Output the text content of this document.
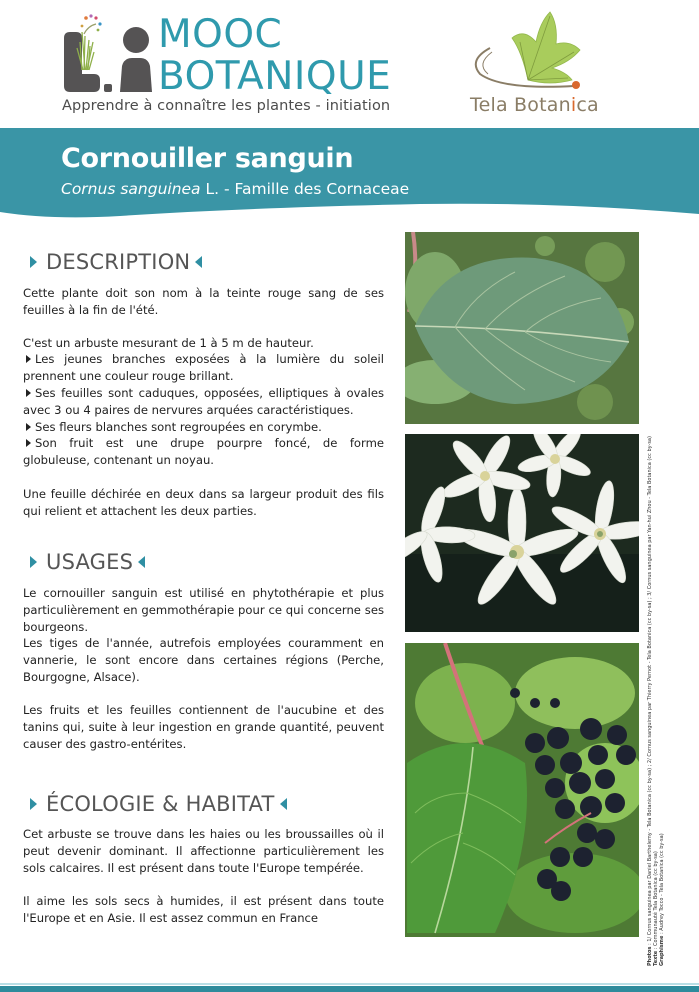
MOOC
BOTANIQUE
Apprendre à connaître les plantes - initiation	Tela Botanica
Cornouiller sanguin
Cornus sanguinea L. - Famille des Cornaceae
DESCRIPTION
Cette plante doit son nom à la teinte rouge sang de ses feuilles à la fin de l'été.
C'est un arbuste mesurant de 1 à 5 m de hauteur.
Les jeunes branches exposées à la lumière du soleil prennent une couleur rouge brillant.
Ses feuilles sont caduques, opposées, elliptiques à ovales avec 3 ou 4 paires de nervures arquées caractéristiques.
Ses fleurs blanches sont regroupées en corymbe.
Son fruit est une drupe pourpre foncé, de forme globuleuse, contenant un noyau.
Une feuille déchirée en deux dans sa largeur produit des fils qui relient et attachent les deux parties.
USAGES
Le cornouiller sanguin est utilisé en phytothérapie et plus particulièrement en gemmothérapie pour ce qui concerne ses bourgeons.
Les tiges de l'année, autrefois employées couramment en vannerie, le sont encore dans certaines régions (Perche, Bourgogne, Alsace).
Les fruits et les feuilles contiennent de l'aucubine et des tanins qui, suite à leur ingestion en grande quantité, peuvent causer des gastro-entérites.
ÉCOLOGIE & HABITAT
Cet arbuste se trouve dans les haies ou les broussailles où il peut devenir dominant. Il affectionne particulièrement les sols calcaires. Il est présent dans toute l'Europe tempérée.
Il aime les sols secs à humides, il est présent dans toute l'Europe et en Asie. Il est assez commun en France
Photos : 1/ Cornus sanguinea par Daniel Barthelemy - Tela Botanica (cc by-sa) ; 2/ Cornus sanguinea par Thierry Pernot - Tela Botanica (cc by-sa) ; 3/ Cornus sanguinea par Yan-hui Zhou - Tela Botanica (cc by-sa)
Texte : Communauté Tela Botanica (cc by-sa) Graphisme : Audrey Tocco - Tela Botanica (cc by-sa)
